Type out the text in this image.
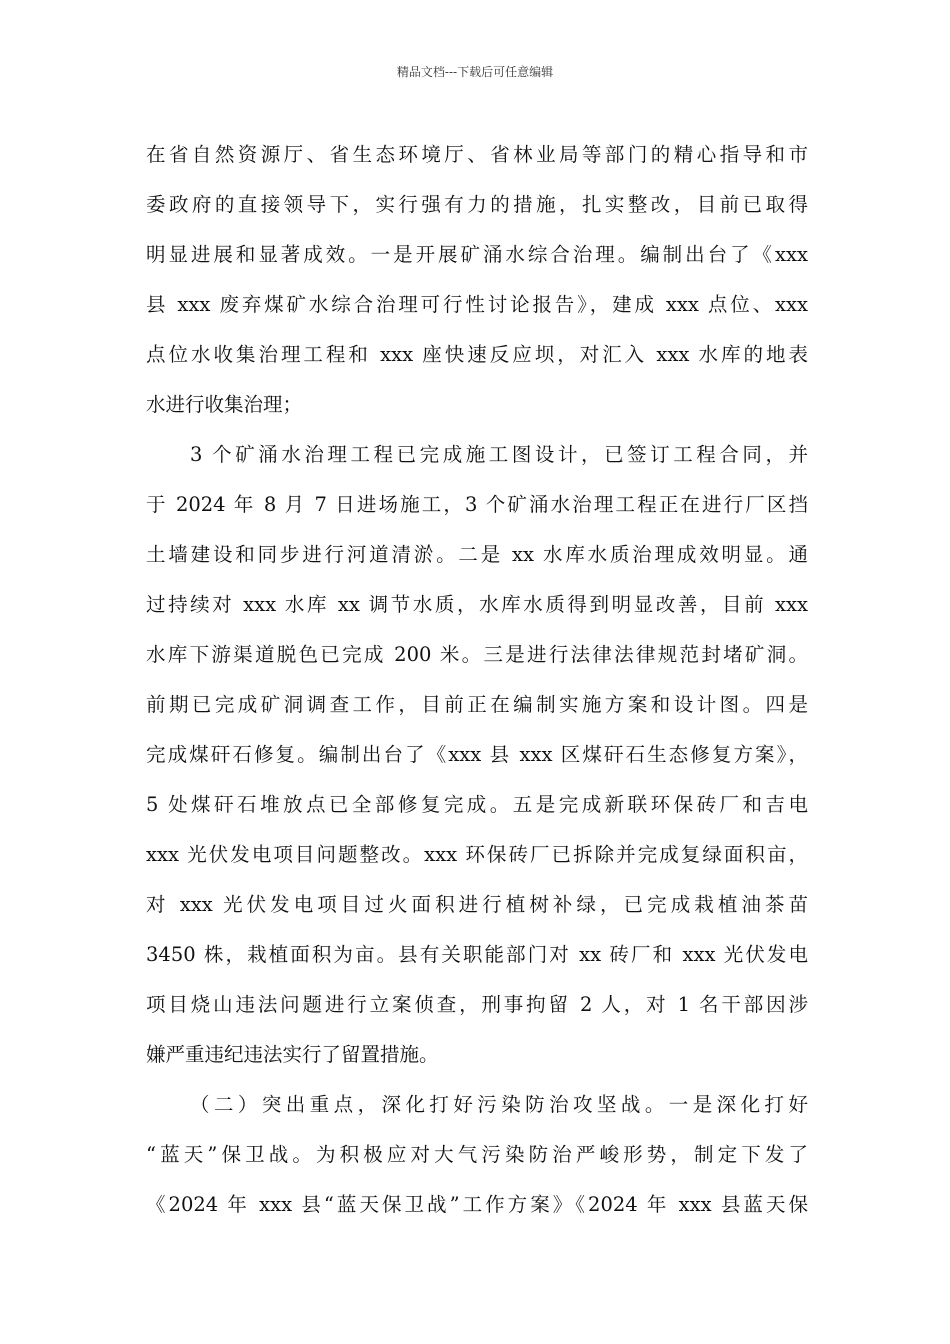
精品文档---下载后可任意编辑
在省自然资源厅、省生态环境厅、省林业局等部门的精心指导和市
委政府的直接领导下，实行强有力的措施，扎实整改，目前已取得
明显进展和显著成效。一是开展矿涌水综合治理。编制出台了《xxx
县 xxx 废弃煤矿水综合治理可行性讨论报告》，建成 xxx 点位、xxx
点位水收集治理工程和 xxx 座快速反应坝，对汇入 xxx 水库的地表
水进行收集治理；
3 个矿涌水治理工程已完成施工图设计，已签订工程合同，并
于 2024 年 8 月 7 日进场施工，3 个矿涌水治理工程正在进行厂区挡
土墙建设和同步进行河道清淤。二是 xx 水库水质治理成效明显。通
过持续对 xxx 水库 xx 调节水质，水库水质得到明显改善，目前 xxx
水库下游渠道脱色已完成 200 米。三是进行法律法律规范封堵矿洞。
前期已完成矿洞调查工作，目前正在编制实施方案和设计图。四是
完成煤矸石修复。编制出台了《xxx 县 xxx 区煤矸石生态修复方案》，
5 处煤矸石堆放点已全部修复完成。五是完成新联环保砖厂和吉电
xxx 光伏发电项目问题整改。xxx 环保砖厂已拆除并完成复绿面积亩，
对 xxx 光伏发电项目过火面积进行植树补绿，已完成栽植油茶苗
3450 株，栽植面积为亩。县有关职能部门对 xx 砖厂和 xxx 光伏发电
项目烧山违法问题进行立案侦查，刑事拘留 2 人，对 1 名干部因涉
嫌严重违纪违法实行了留置措施。
（二）突出重点，深化打好污染防治攻坚战。一是深化打好
“蓝天”保卫战。为积极应对大气污染防治严峻形势，制定下发了
《2024 年 xxx 县“蓝天保卫战”工作方案》《2024 年 xxx 县蓝天保
